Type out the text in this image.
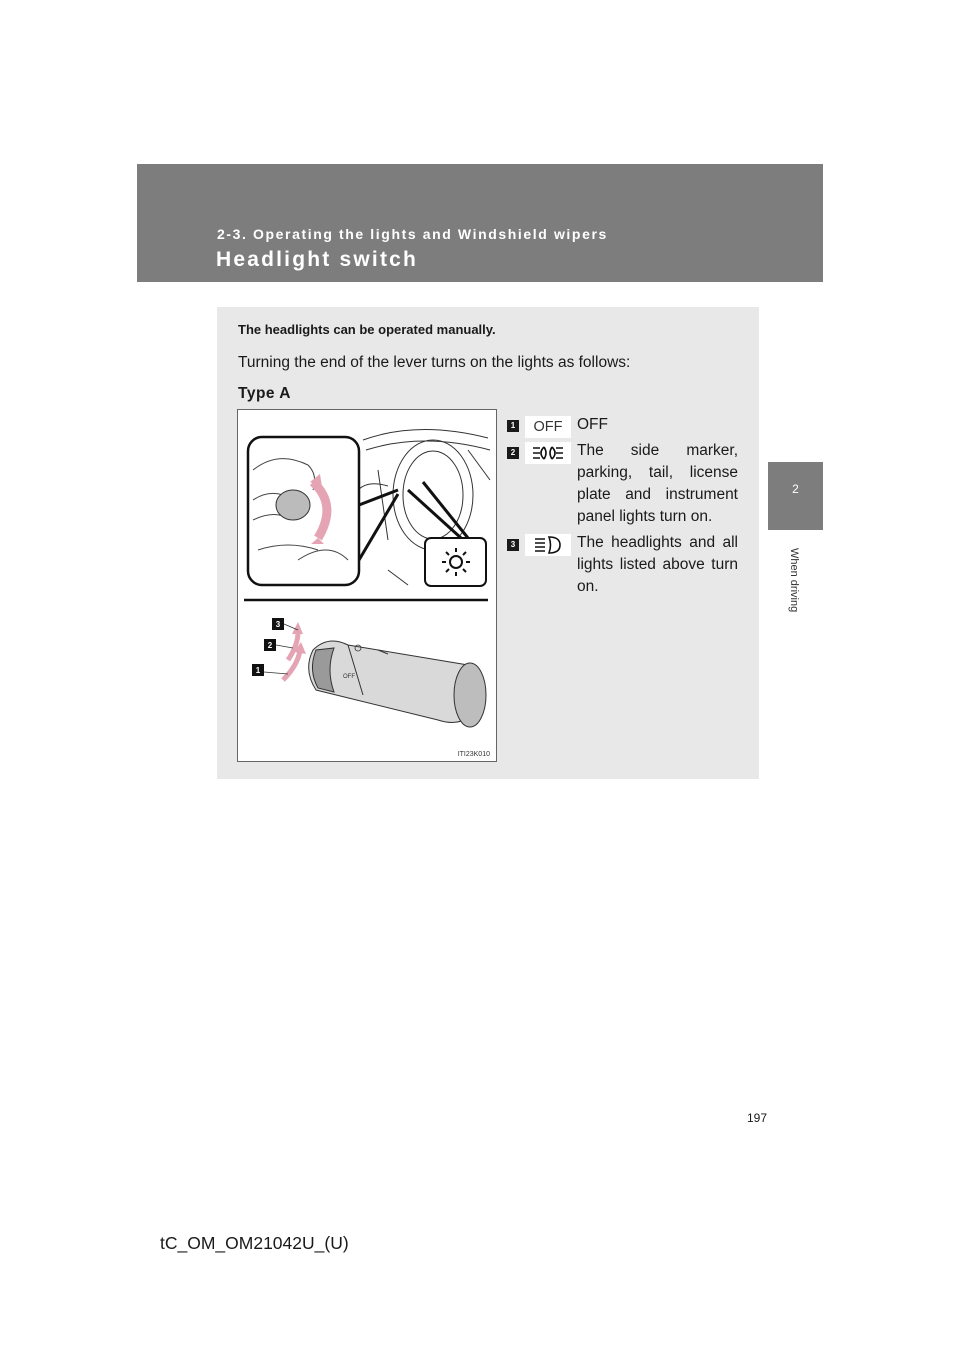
2-3. Operating the lights and Windshield wipers
Headlight switch
2
When driving
The headlights can be operated manually.
Turning the end of the lever turns on the lights as follows:
Type A
OFF
3
2
1
ITI23K010
1	OFF OFF
2	The side marker, parking, tail, license plate and instrument panel lights turn on.
3	The headlights and all lights listed above turn on.
197
tC_OM_OM21042U_(U)
